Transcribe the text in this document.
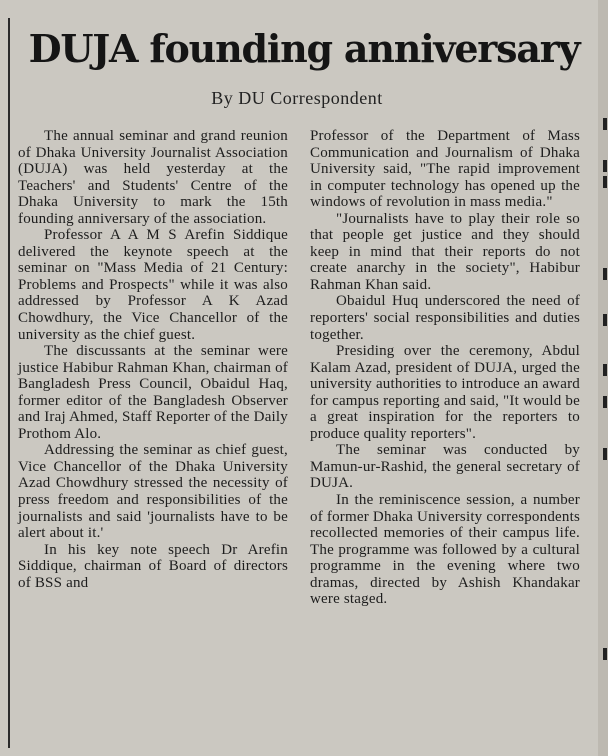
DUJA founding anniversary
By DU Correspondent

The annual seminar and grand reunion of Dhaka University Journalist Association (DUJA) was held yesterday at the Teachers' and Students' Centre of the Dhaka University to mark the 15th founding anniversary of the association.

Professor A A M S Arefin Siddique delivered the keynote speech at the seminar on "Mass Media of 21 Century: Problems and Prospects" while it was also addressed by Professor A K Azad Chowdhury, the Vice Chancellor of the university as the chief guest.

The discussants at the seminar were justice Habibur Rahman Khan, chairman of Bangladesh Press Council, Obaidul Haq, former editor of the Bangladesh Observer and Iraj Ahmed, Staff Reporter of the Daily Prothom Alo.

Addressing the seminar as chief guest, Vice Chancellor of the Dhaka University Azad Chowdhury stressed the necessity of press freedom and responsibilities of the journalists and said 'journalists have to be alert about it.'

In his key note speech Dr Arefin Siddique, chairman of Board of directors of BSS and

Professor of the Department of Mass Communication and Journalism of Dhaka University said, "The rapid improvement in computer technology has opened up the windows of revolution in mass media."

"Journalists have to play their role so that people get justice and they should keep in mind that their reports do not create anarchy in the society", Habibur Rahman Khan said.

Obaidul Huq underscored the need of reporters' social responsibilities and duties together.

Presiding over the ceremony, Abdul Kalam Azad, president of DUJA, urged the university authorities to introduce an award for campus reporting and said, "It would be a great inspiration for the reporters to produce quality reporters".

The seminar was conducted by Mamun-ur-Rashid, the general secretary of DUJA.

In the reminiscence session, a number of former Dhaka University correspondents recollected memories of their campus life. The programme was followed by a cultural programme in the evening where two dramas, directed by Ashish Khandakar were staged.
